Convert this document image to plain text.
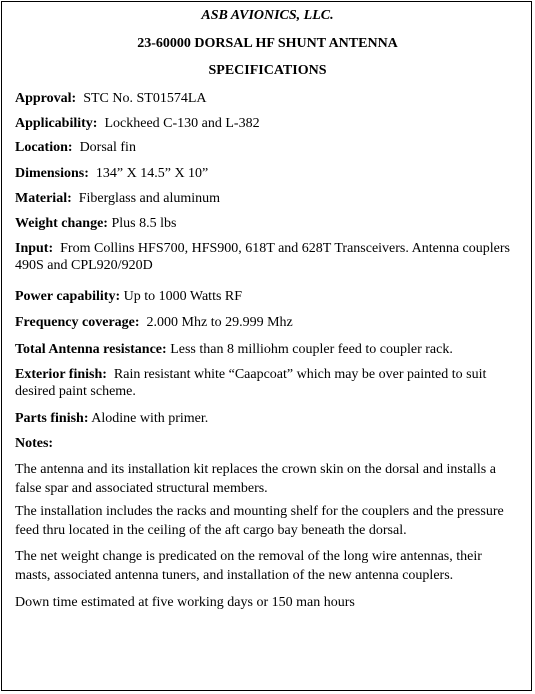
ASB AVIONICS, LLC.
23-60000 DORSAL HF SHUNT ANTENNA
SPECIFICATIONS
Approval: STC No. ST01574LA
Applicability: Lockheed C-130 and L-382
Location: Dorsal fin
Dimensions: 134” X 14.5” X 10”
Material: Fiberglass and aluminum
Weight change: Plus 8.5 lbs
Input: From Collins HFS700, HFS900, 618T and 628T Transceivers. Antenna couplers 490S and CPL920/920D
Power capability: Up to 1000 Watts RF
Frequency coverage: 2.000 Mhz to 29.999 Mhz
Total Antenna resistance: Less than 8 milliohm coupler feed to coupler rack.
Exterior finish: Rain resistant white “Caapcoat” which may be over painted to suit desired paint scheme.
Parts finish: Alodine with primer.
Notes:
The antenna and its installation kit replaces the crown skin on the dorsal and installs a false spar and associated structural members.
The installation includes the racks and mounting shelf for the couplers and the pressure feed thru located in the ceiling of the aft cargo bay beneath the dorsal.
The net weight change is predicated on the removal of the long wire antennas, their masts, associated antenna tuners, and installation of the new antenna couplers.
Down time estimated at five working days or 150 man hours
